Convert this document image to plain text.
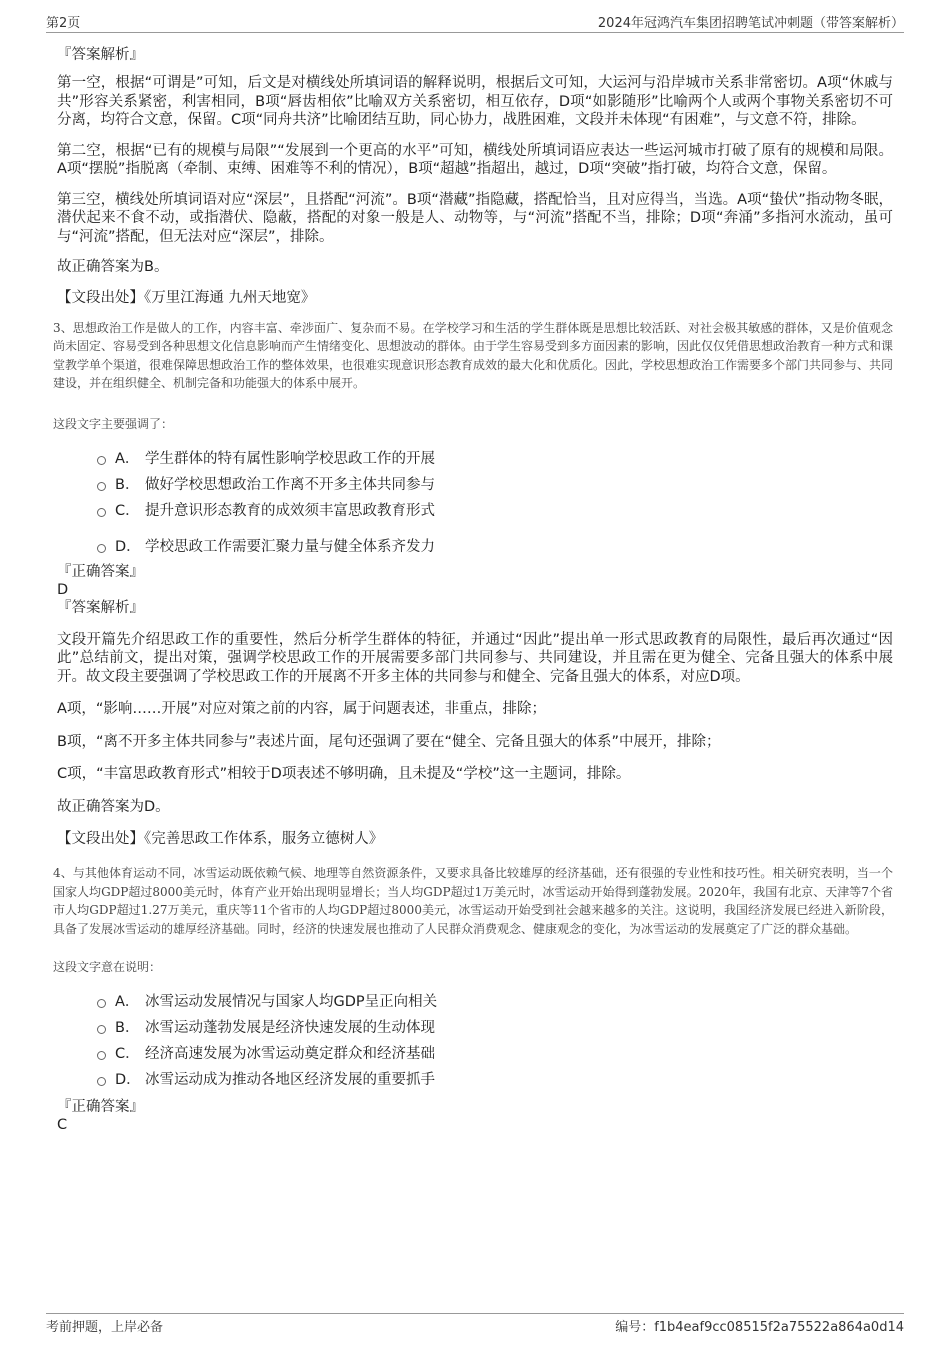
第2页	2024年冠鸿汽车集团招聘笔试冲刺题（带答案解析）
『答案解析』

第一空，根据“可谓是”可知，后文是对横线处所填词语的解释说明，根据后文可知，大运河与沿岸城市关系非常密切。A项“休戚与共”形容关系紧密，利害相同，B项“唇齿相依”比喻双方关系密切，相互依存，D项“如影随形”比喻两个人或两个事物关系密切不可分离，均符合文意，保留。C项“同舟共济”比喻团结互助，同心协力，战胜困难，文段并未体现“有困难”，与文意不符，排除。

第二空，根据“已有的规模与局限”“发展到一个更高的水平”可知，横线处所填词语应表达一些运河城市打破了原有的规模和局限。A项“摆脱”指脱离（牵制、束缚、困难等不利的情况），B项“超越”指超出，越过，D项“突破”指打破，均符合文意，保留。

第三空，横线处所填词语对应“深层”，且搭配“河流”。B项“潜藏”指隐藏，搭配恰当，且对应得当，当选。A项“蛰伏”指动物冬眠，潜伏起来不食不动，或指潜伏、隐蔽，搭配的对象一般是人、动物等，与“河流”搭配不当，排除；D项“奔涌”多指河水流动，虽可与“河流”搭配，但无法对应“深层”，排除。

故正确答案为B。

【文段出处】《万里江海通 九州天地宽》

3、思想政治工作是做人的工作，内容丰富、牵涉面广、复杂而不易。在学校学习和生活的学生群体既是思想比较活跃、对社会极其敏感的群体，又是价值观念尚未固定、容易受到各种思想文化信息影响而产生情绪变化、思想波动的群体。由于学生容易受到多方面因素的影响，因此仅仅凭借思想政治教育一种方式和课堂教学单个渠道，很难保障思想政治工作的整体效果，也很难实现意识形态教育成效的最大化和优质化。因此，学校思想政治工作需要多个部门共同参与、共同建设，并在组织健全、机制完备和功能强大的体系中展开。

这段文字主要强调了：
A． 学生群体的特有属性影响学校思政工作的开展
B． 做好学校思想政治工作离不开多主体共同参与
C． 提升意识形态教育的成效须丰富思政教育形式
D． 学校思政工作需要汇聚力量与健全体系齐发力
『正确答案』
D
『答案解析』

文段开篇先介绍思政工作的重要性，然后分析学生群体的特征，并通过“因此”提出单一形式思政教育的局限性，最后再次通过“因此”总结前文，提出对策，强调学校思政工作的开展需要多部门共同参与、共同建设，并且需在更为健全、完备且强大的体系中展开。故文段主要强调了学校思政工作的开展离不开多主体的共同参与和健全、完备且强大的体系，对应D项。

A项，“影响……开展”对应对策之前的内容，属于问题表述，非重点，排除；

B项，“离不开多主体共同参与”表述片面，尾句还强调了要在“健全、完备且强大的体系”中展开，排除；

C项，“丰富思政教育形式”相较于D项表述不够明确，且未提及“学校”这一主题词，排除。

故正确答案为D。

【文段出处】《完善思政工作体系，服务立德树人》

4、与其他体育运动不同，冰雪运动既依赖气候、地理等自然资源条件，又要求具备比较雄厚的经济基础，还有很强的专业性和技巧性。相关研究表明，当一个国家人均GDP超过8000美元时，体育产业开始出现明显增长；当人均GDP超过1万美元时，冰雪运动开始得到蓬勃发展。2020年，我国有北京、天津等7个省市人均GDP超过1.27万美元，重庆等11个省市的人均GDP超过8000美元，冰雪运动开始受到社会越来越多的关注。这说明，我国经济发展已经进入新阶段，具备了发展冰雪运动的雄厚经济基础。同时，经济的快速发展也推动了人民群众消费观念、健康观念的变化，为冰雪运动的发展奠定了广泛的群众基础。

这段文字意在说明：
A． 冰雪运动发展情况与国家人均GDP呈正向相关
B． 冰雪运动蓬勃发展是经济快速发展的生动体现
C． 经济高速发展为冰雪运动奠定群众和经济基础
D． 冰雪运动成为推动各地区经济发展的重要抓手
『正确答案』
C
考前押题，上岸必备	编号：f1b4eaf9cc08515f2a75522a864a0d14
